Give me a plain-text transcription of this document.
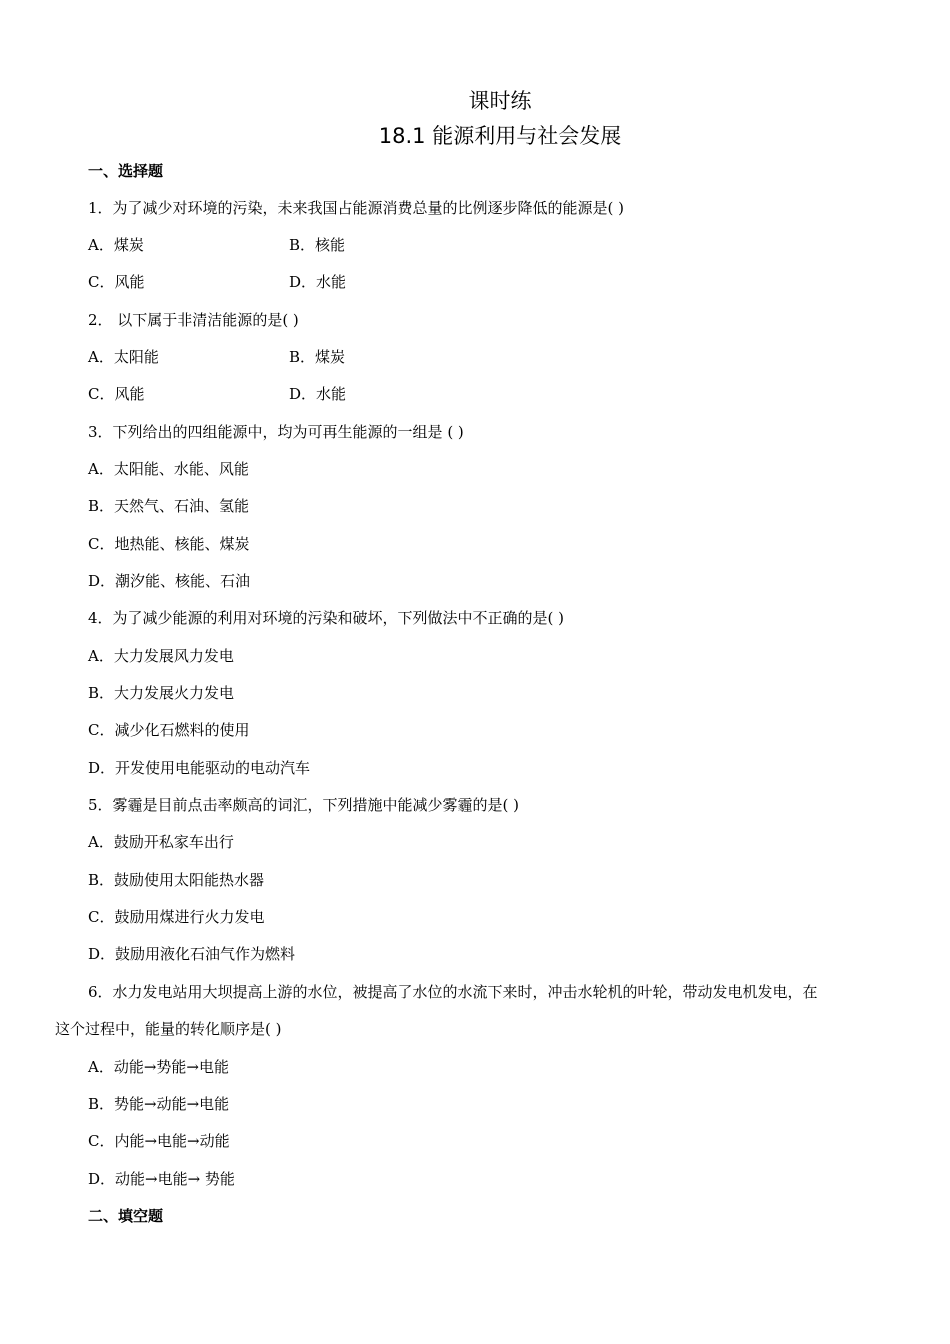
课时练
18.1 能源利用与社会发展
一、选择题
1．为了减少对环境的污染，未来我国占能源消费总量的比例逐步降低的能源是( )
A．煤炭	B．核能
C．风能	D．水能
2． 以下属于非清洁能源的是( )
A．太阳能	B．煤炭
C．风能	D．水能
3．下列给出的四组能源中，均为可再生能源的一组是 ( )
A．太阳能、水能、风能
B．天然气、石油、氢能
C．地热能、核能、煤炭
D．潮汐能、核能、石油
4．为了减少能源的利用对环境的污染和破坏，下列做法中不正确的是( )
A．大力发展风力发电
B．大力发展火力发电
C．减少化石燃料的使用
D．开发使用电能驱动的电动汽车
5．雾霾是目前点击率颇高的词汇，下列措施中能减少雾霾的是( )
A．鼓励开私家车出行
B．鼓励使用太阳能热水器
C．鼓励用煤进行火力发电
D．鼓励用液化石油气作为燃料
6．水力发电站用大坝提高上游的水位，被提高了水位的水流下来时，冲击水轮机的叶轮，带动发电机发电，在
这个过程中，能量的转化顺序是( )
A．动能→势能→电能
B．势能→动能→电能
C．内能→电能→动能
D．动能→电能→ 势能
二、填空题
